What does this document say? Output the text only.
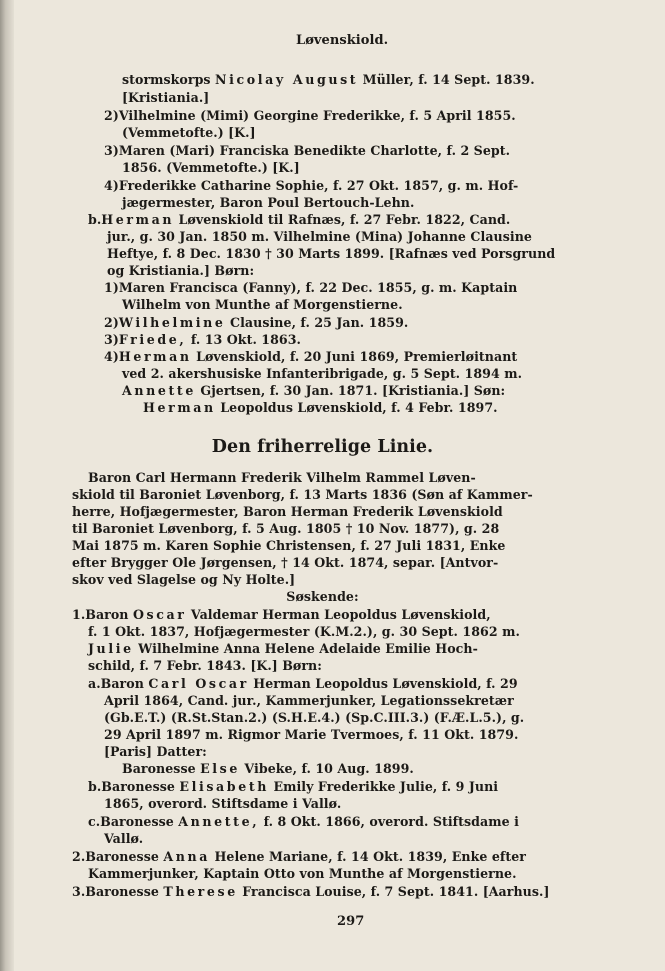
Løvenskiold.
stormskorps Nicolay August Müller, f. 14 Sept. 1839.
[Kristiania.]
2)Vilhelmine (Mimi) Georgine Frederikke, f. 5 April 1855.
(Vemmetofte.) [K.]
3)Maren (Mari) Franciska Benedikte Charlotte, f. 2 Sept.
1856. (Vemmetofte.) [K.]
4)Frederikke Catharine Sophie, f. 27 Okt. 1857, g. m. Hof-
jægermester, Baron Poul Bertouch-Lehn.
b.Herman Løvenskiold til Rafnæs, f. 27 Febr. 1822, Cand.
jur., g. 30 Jan. 1850 m. Vilhelmine (Mina) Johanne Clausine
Heftye, f. 8 Dec. 1830 † 30 Marts 1899. [Rafnæs ved Porsgrund
og Kristiania.] Børn:
1)Maren Francisca (Fanny), f. 22 Dec. 1855, g. m. Kaptain
Wilhelm von Munthe af Morgenstierne.
2)Wilhelmine Clausine, f. 25 Jan. 1859.
3)Friede, f. 13 Okt. 1863.
4)Herman Løvenskiold, f. 20 Juni 1869, Premierløitnant
ved 2. akershusiske Infanteribrigade, g. 5 Sept. 1894 m.
Annette Gjertsen, f. 30 Jan. 1871. [Kristiania.] Søn:
Herman Leopoldus Løvenskiold, f. 4 Febr. 1897.
Den friherrelige Linie.
Baron Carl Hermann Frederik Vilhelm Rammel Løven-
skiold til Baroniet Løvenborg, f. 13 Marts 1836 (Søn af Kammer-
herre, Hofjægermester, Baron Herman Frederik Løvenskiold
til Baroniet Løvenborg, f. 5 Aug. 1805 † 10 Nov. 1877), g. 28
Mai 1875 m. Karen Sophie Christensen, f. 27 Juli 1831, Enke
efter Brygger Ole Jørgensen, † 14 Okt. 1874, separ. [Antvor-
skov ved Slagelse og Ny Holte.]
Søskende:
1.Baron Oscar Valdemar Herman Leopoldus Løvenskiold,
f. 1 Okt. 1837, Hofjægermester (K.M.2.), g. 30 Sept. 1862 m.
Julie Wilhelmine Anna Helene Adelaide Emilie Hoch-
schild, f. 7 Febr. 1843. [K.] Børn:
a.Baron Carl Oscar Herman Leopoldus Løvenskiold, f. 29
April 1864, Cand. jur., Kammerjunker, Legationssekretær
(Gb.E.T.) (R.St.Stan.2.) (S.H.E.4.) (Sp.C.III.3.) (F.Æ.L.5.), g.
29 April 1897 m. Rigmor Marie Tvermoes, f. 11 Okt. 1879.
[Paris] Datter:
Baronesse Else Vibeke, f. 10 Aug. 1899.
b.Baronesse Elisabeth Emily Frederikke Julie, f. 9 Juni
1865, overord. Stiftsdame i Vallø.
c.Baronesse Annette, f. 8 Okt. 1866, overord. Stiftsdame i
Vallø.
2.Baronesse Anna Helene Mariane, f. 14 Okt. 1839, Enke efter
Kammerjunker, Kaptain Otto von Munthe af Morgenstierne.
3.Baronesse Therese Francisca Louise, f. 7 Sept. 1841. [Aarhus.]
297
